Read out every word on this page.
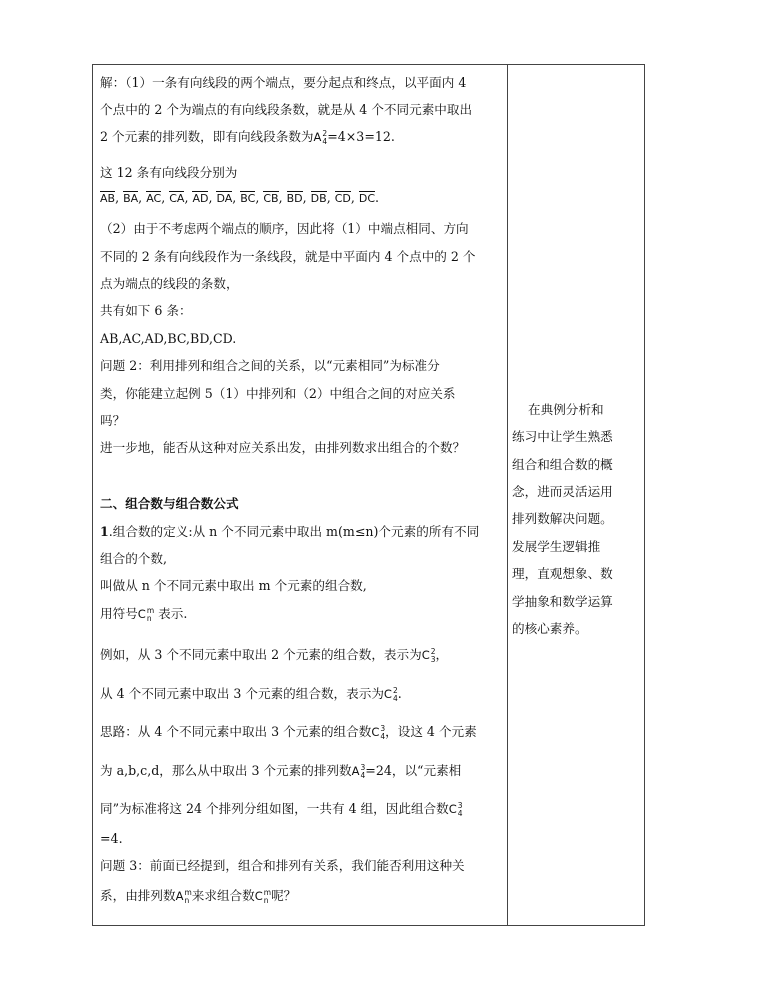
解：（1）一条有向线段的两个端点，要分起点和终点，以平面内 4
个点中的 2 个为端点的有向线段条数，就是从 4 个不同元素中取出
2 个元素的排列数，即有向线段条数为A 2
4 =4×3=12.
这 12 条有向线段分别为
AB, BA, AC, CA, AD, DA, BC, CB, BD, DB, CD, DC.
（2）由于不考虑两个端点的顺序，因此将（1）中端点相同、方向
不同的 2 条有向线段作为一条线段，就是中平面内 4 个点中的 2 个
点为端点的线段的条数，
共有如下 6 条：
AB,AC,AD,BC,BD,CD.
问题 2：利用排列和组合之间的关系，以“元素相同”为标准分
类，你能建立起例 5（1）中排列和（2）中组合之间的对应关系
吗？
进一步地，能否从这种对应关系出发，由排列数求出组合的个数？
二、组合数与组合数公式
1.组合数的定义:从 n 个不同元素中取出 m(m≤n)个元素的所有不同
组合的个数,
叫做从 n 个不同元素中取出 m 个元素的组合数,
用符号C m
n 表示.
例如，从 3 个不同元素中取出 2 个元素的组合数，表示为C 2
3 ，
从 4 个不同元素中取出 3 个元素的组合数，表示为C 2
4 .
思路：从 4 个不同元素中取出 3 个元素的组合数C 3
4 ，设这 4 个元素
为 a,b,c,d，那么从中取出 3 个元素的排列数A 3
4 =24，以“元素相
同”为标准将这 24 个排列分组如图，一共有 4 组，因此组合数C 3
4
=4.
问题 3：前面已经提到，组合和排列有关系，我们能否利用这种关
系，由排列数A m
n 来求组合数C m
n 呢？
在典例分析和
练习中让学生熟悉
组合和组合数的概
念，进而灵活运用
排列数解决问题。
发展学生逻辑推
理，直观想象、数
学抽象和数学运算
的核心素养。
